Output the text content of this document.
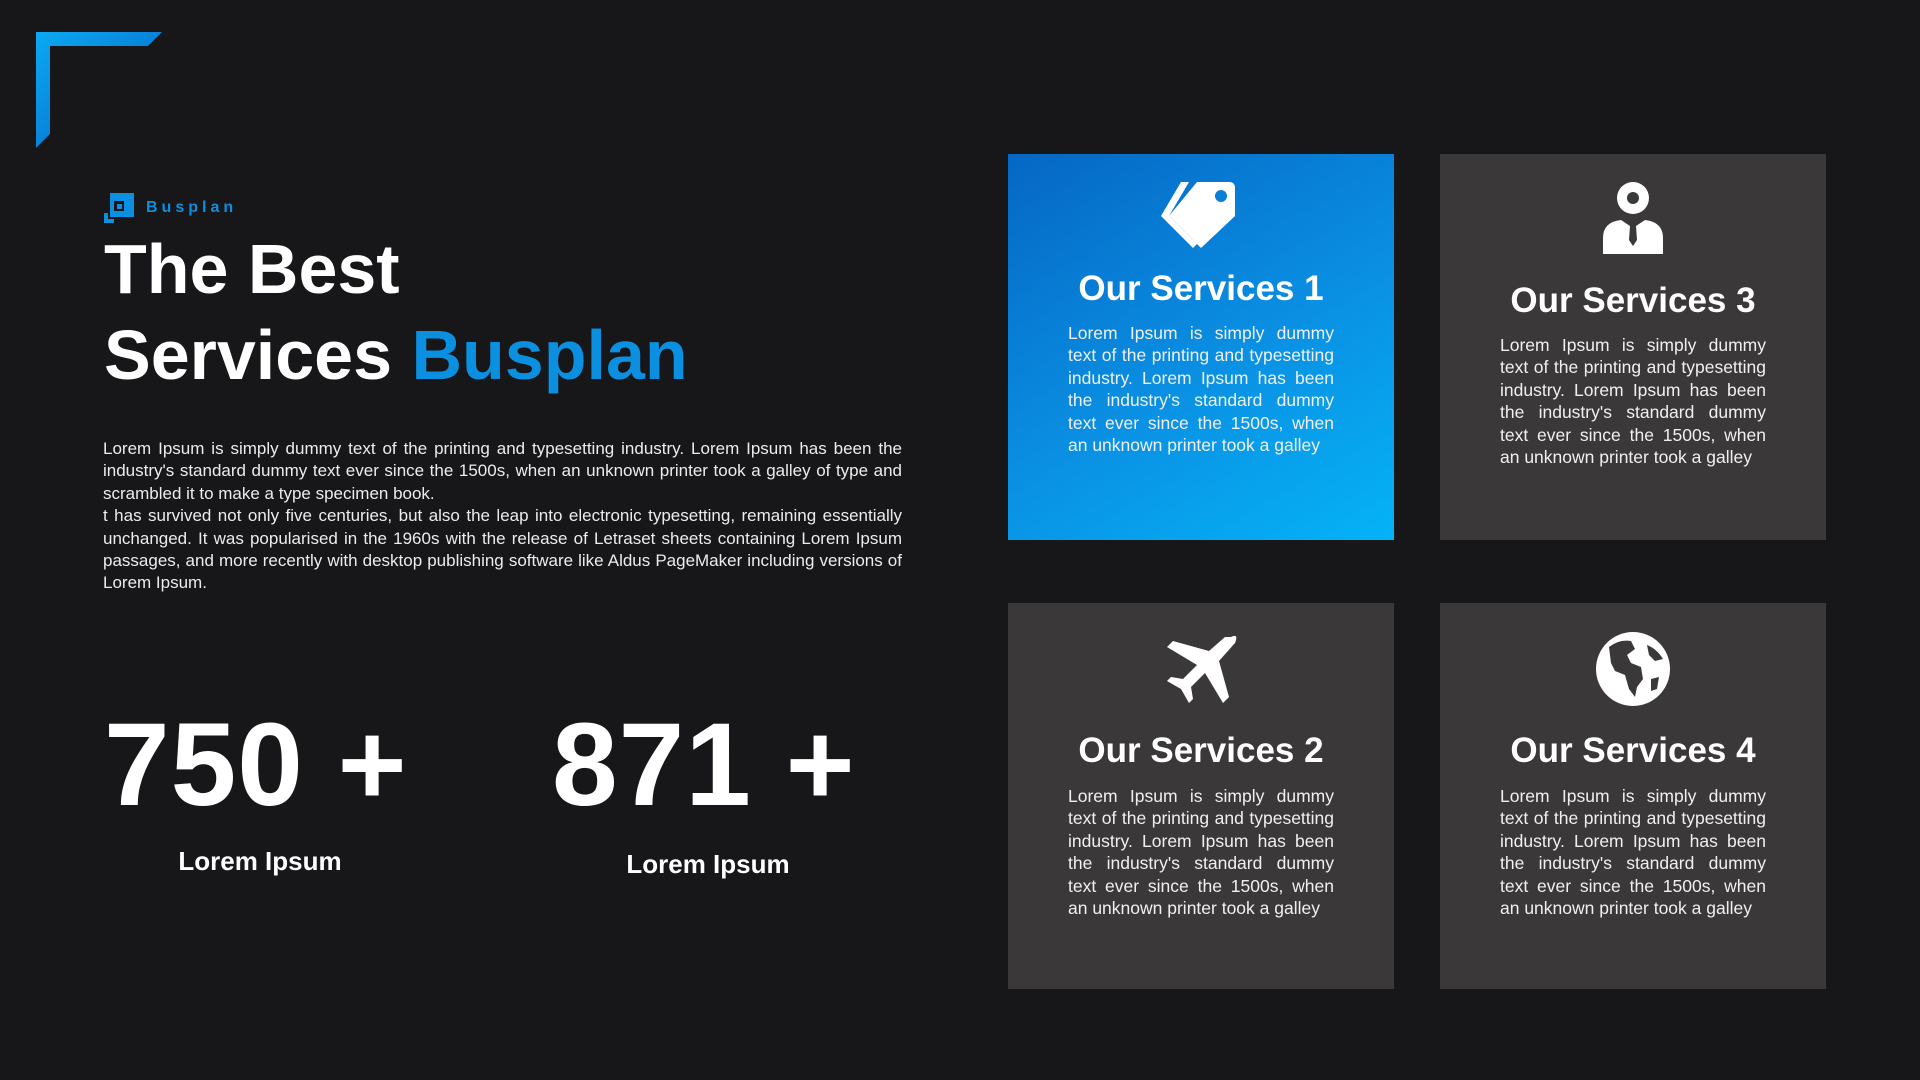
Busplan
The Best
Services Busplan

Lorem Ipsum is simply dummy text of the printing and typesetting industry. Lorem Ipsum has been the industry's standard dummy text ever since the 1500s, when an unknown printer took a galley of type and scrambled it to make a type specimen book.

t has survived not only five centuries, but also the leap into electronic typesetting, remaining essentially unchanged. It was popularised in the 1960s with the release of Letraset sheets containing Lorem Ipsum passages, and more recently with desktop publishing software like Aldus PageMaker including versions of Lorem Ipsum.

750 +
Lorem Ipsum
871 +
Lorem Ipsum
Our Services 1
Lorem Ipsum is simply dummy text of the printing and typesetting industry. Lorem Ipsum has been the industry's standard dummy text ever since the 1500s, when an unknown printer took a galley
Our Services 3
Lorem Ipsum is simply dummy text of the printing and typesetting industry. Lorem Ipsum has been the industry's standard dummy text ever since the 1500s, when an unknown printer took a galley
Our Services 2
Lorem Ipsum is simply dummy text of the printing and typesetting industry. Lorem Ipsum has been the industry's standard dummy text ever since the 1500s, when an unknown printer took a galley
Our Services 4
Lorem Ipsum is simply dummy text of the printing and typesetting industry. Lorem Ipsum has been the industry's standard dummy text ever since the 1500s, when an unknown printer took a galley
